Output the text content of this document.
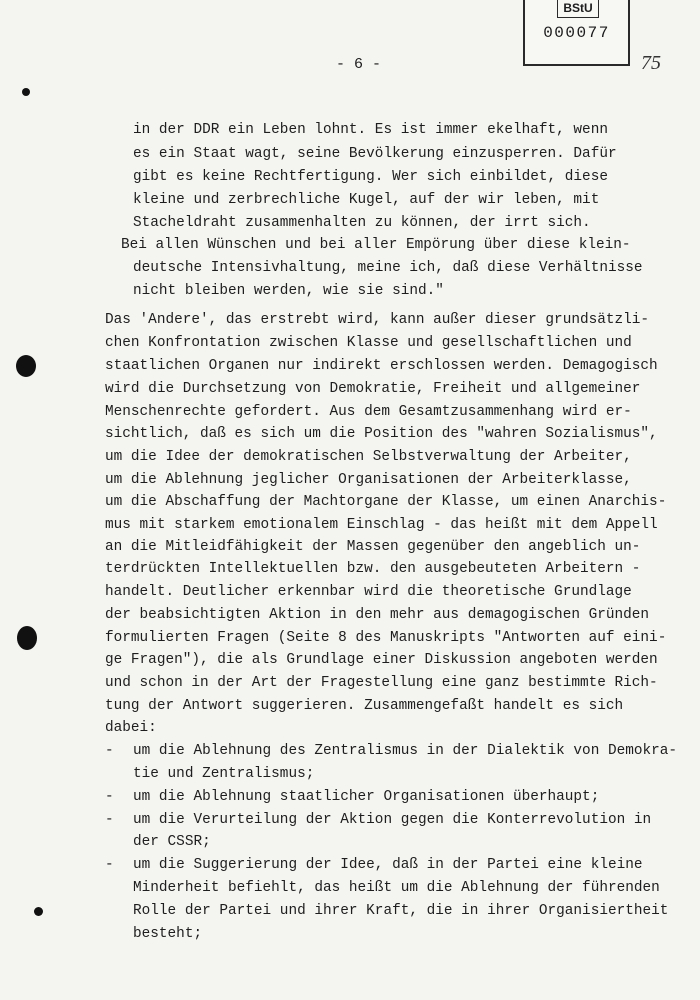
BStU
000077
- 6 -	75
in der DDR ein Leben lohnt. Es ist immer ekelhaft, wenn
es ein Staat wagt, seine Bevölkerung einzusperren. Dafür
gibt es keine Rechtfertigung. Wer sich einbildet, diese
kleine und zerbrechliche Kugel, auf der wir leben, mit
Stacheldraht zusammenhalten zu können, der irrt sich.
Bei allen Wünschen und bei aller Empörung über diese klein-
deutsche Intensivhaltung, meine ich, daß diese Verhältnisse
nicht bleiben werden, wie sie sind."
Das 'Andere', das erstrebt wird, kann außer dieser grundsätzli-
chen Konfrontation zwischen Klasse und gesellschaftlichen und
staatlichen Organen nur indirekt erschlossen werden. Demagogisch
wird die Durchsetzung von Demokratie, Freiheit und allgemeiner
Menschenrechte gefordert. Aus dem Gesamtzusammenhang wird er-
sichtlich, daß es sich um die Position des "wahren Sozialismus",
um die Idee der demokratischen Selbstverwaltung der Arbeiter,
um die Ablehnung jeglicher Organisationen der Arbeiterklasse,
um die Abschaffung der Machtorgane der Klasse, um einen Anarchis-
mus mit starkem emotionalem Einschlag - das heißt mit dem Appell
an die Mitleidfähigkeit der Massen gegenüber den angeblich un-
terdrückten Intellektuellen bzw. den ausgebeuteten Arbeitern -
handelt. Deutlicher erkennbar wird die theoretische Grundlage
der beabsichtigten Aktion in den mehr aus demagogischen Gründen
formulierten Fragen (Seite 8 des Manuskripts "Antworten auf eini-
ge Fragen"), die als Grundlage einer Diskussion angeboten werden
und schon in der Art der Fragestellung eine ganz bestimmte Rich-
tung der Antwort suggerieren. Zusammengefaßt handelt es sich
dabei:
- um die Ablehnung des Zentralismus in der Dialektik von Demokra-
tie und Zentralismus;
- um die Ablehnung staatlicher Organisationen überhaupt;
- um die Verurteilung der Aktion gegen die Konterrevolution in
der CSSR;
- um die Suggerierung der Idee, daß in der Partei eine kleine
Minderheit befiehlt, das heißt um die Ablehnung der führenden
Rolle der Partei und ihrer Kraft, die in ihrer Organisiertheit
besteht;
